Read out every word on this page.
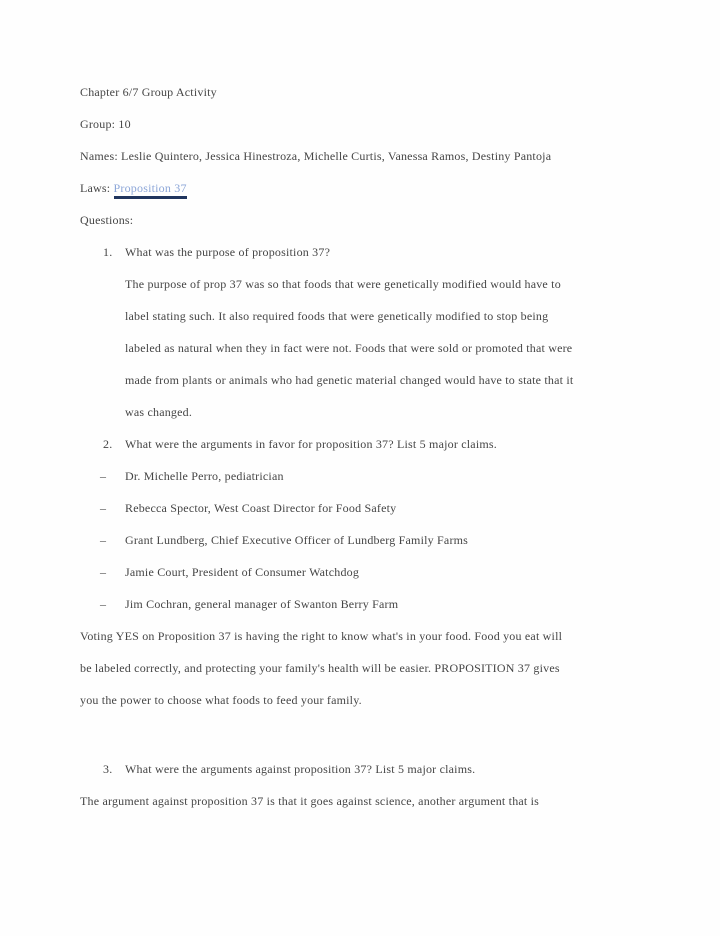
Chapter 6/7 Group Activity
Group: 10
Names: Leslie Quintero, Jessica Hinestroza, Michelle Curtis, Vanessa Ramos, Destiny Pantoja
Laws: Proposition 37
Questions:
1.	What was the purpose of proposition 37?
The purpose of prop 37 was so that foods that were genetically modified would have to
label stating such. It also required foods that were genetically modified to stop being
labeled as natural when they in fact were not. Foods that were sold or promoted that were
made from plants or animals who had genetic material changed would have to state that it
was changed.
2.	What were the arguments in favor for proposition 37? List 5 major claims.
–	Dr. Michelle Perro, pediatrician
–	Rebecca Spector, West Coast Director for Food Safety
–	Grant Lundberg, Chief Executive Officer of Lundberg Family Farms
–	Jamie Court, President of Consumer Watchdog
–	Jim Cochran, general manager of Swanton Berry Farm
Voting YES on Proposition 37 is having the right to know what's in your food. Food you eat will
be labeled correctly, and protecting your family's health will be easier. PROPOSITION 37 gives
you the power to choose what foods to feed your family.
3.	What were the arguments against proposition 37? List 5 major claims.
The argument against proposition 37 is that it goes against science, another argument that is
